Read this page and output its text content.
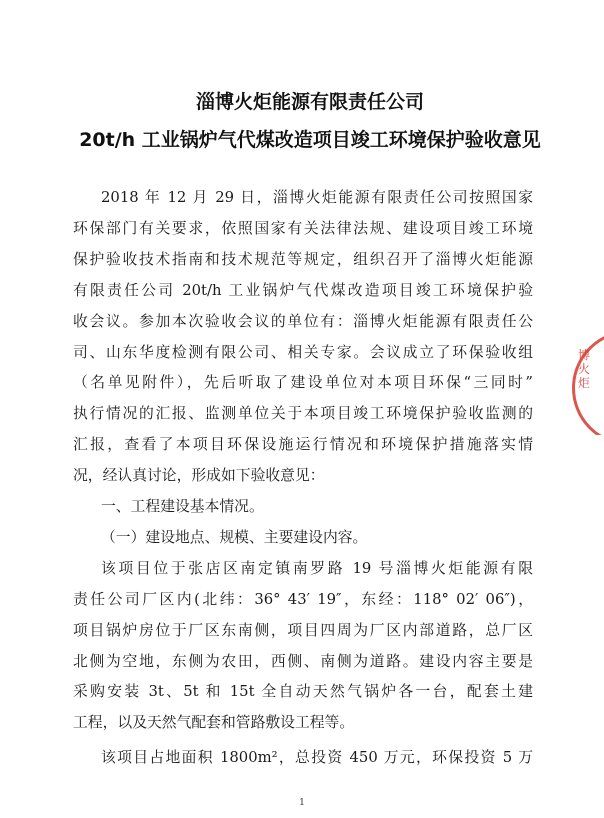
淄博火炬能源有限责任公司
20t/h 工业锅炉气代煤改造项目竣工环境保护验收意见
2018 年 12 月 29 日，淄博火炬能源有限责任公司按照国家
环保部门有关要求，依照国家有关法律法规、建设项目竣工环境
保护验收技术指南和技术规范等规定，组织召开了淄博火炬能源
有限责任公司 20t/h 工业锅炉气代煤改造项目竣工环境保护验
收会议。参加本次验收会议的单位有：淄博火炬能源有限责任公
司、山东华度检测有限公司、相关专家。会议成立了环保验收组
（名单见附件），先后听取了建设单位对本项目环保“三同时”
执行情况的汇报、监测单位关于本项目竣工环境保护验收监测的
汇报，查看了本项目环保设施运行情况和环境保护措施落实情
况，经认真讨论，形成如下验收意见：
一、工程建设基本情况。
（一）建设地点、规模、主要建设内容。
该项目位于张店区南定镇南罗路 19 号淄博火炬能源有限
责任公司厂区内(北纬：36° 43′ 19″，东经：118° 02′ 06″)，
项目锅炉房位于厂区东南侧，项目四周为厂区内部道路，总厂区
北侧为空地，东侧为农田，西侧、南侧为道路。建设内容主要是
采购安装 3t、5t 和 15t 全自动天然气锅炉各一台，配套土建
工程，以及天然气配套和管路敷设工程等。
博火炬
1
该项目占地面积 1800m²，总投资 450 万元，环保投资 5 万
